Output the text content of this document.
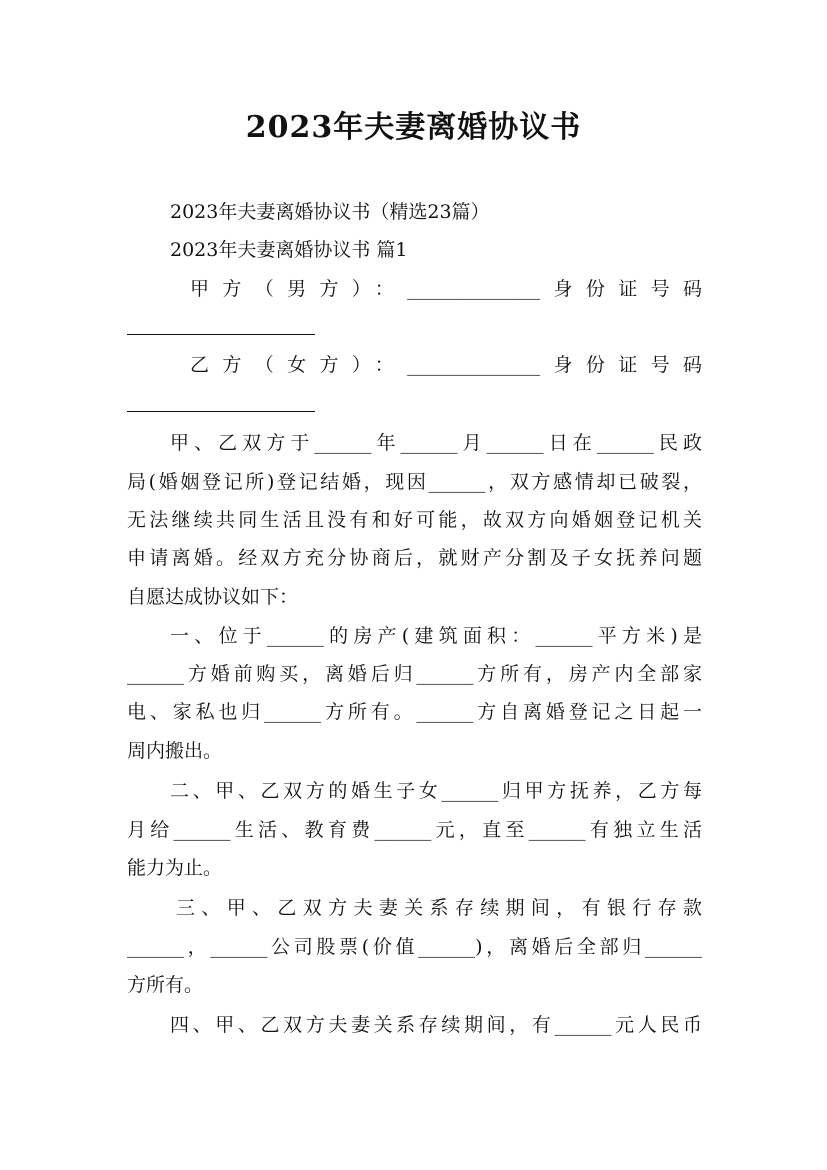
2023年夫妻离婚协议书
2023年夫妻离婚协议书（精选23篇）
2023年夫妻离婚协议书 篇1
甲方（男方）：______________身份证号码
乙方（女方）：______________身份证号码
甲、乙双方于______年______月______日在______民政
局(婚姻登记所)登记结婚，现因______，双方感情却已破裂，
无法继续共同生活且没有和好可能，故双方向婚姻登记机关
申请离婚。经双方充分协商后，就财产分割及子女抚养问题
自愿达成协议如下：
一、位于______的房产(建筑面积：______平方米)是
______方婚前购买，离婚后归______方所有，房产内全部家
电、家私也归______方所有。______方自离婚登记之日起一
周内搬出。
二、甲、乙双方的婚生子女______归甲方抚养，乙方每
月给______生活、教育费______元，直至______有独立生活
能力为止。
三、甲、乙双方夫妻关系存续期间，有银行存款
______，______公司股票(价值______)，离婚后全部归______
方所有。
四、甲、乙双方夫妻关系存续期间，有______元人民币
